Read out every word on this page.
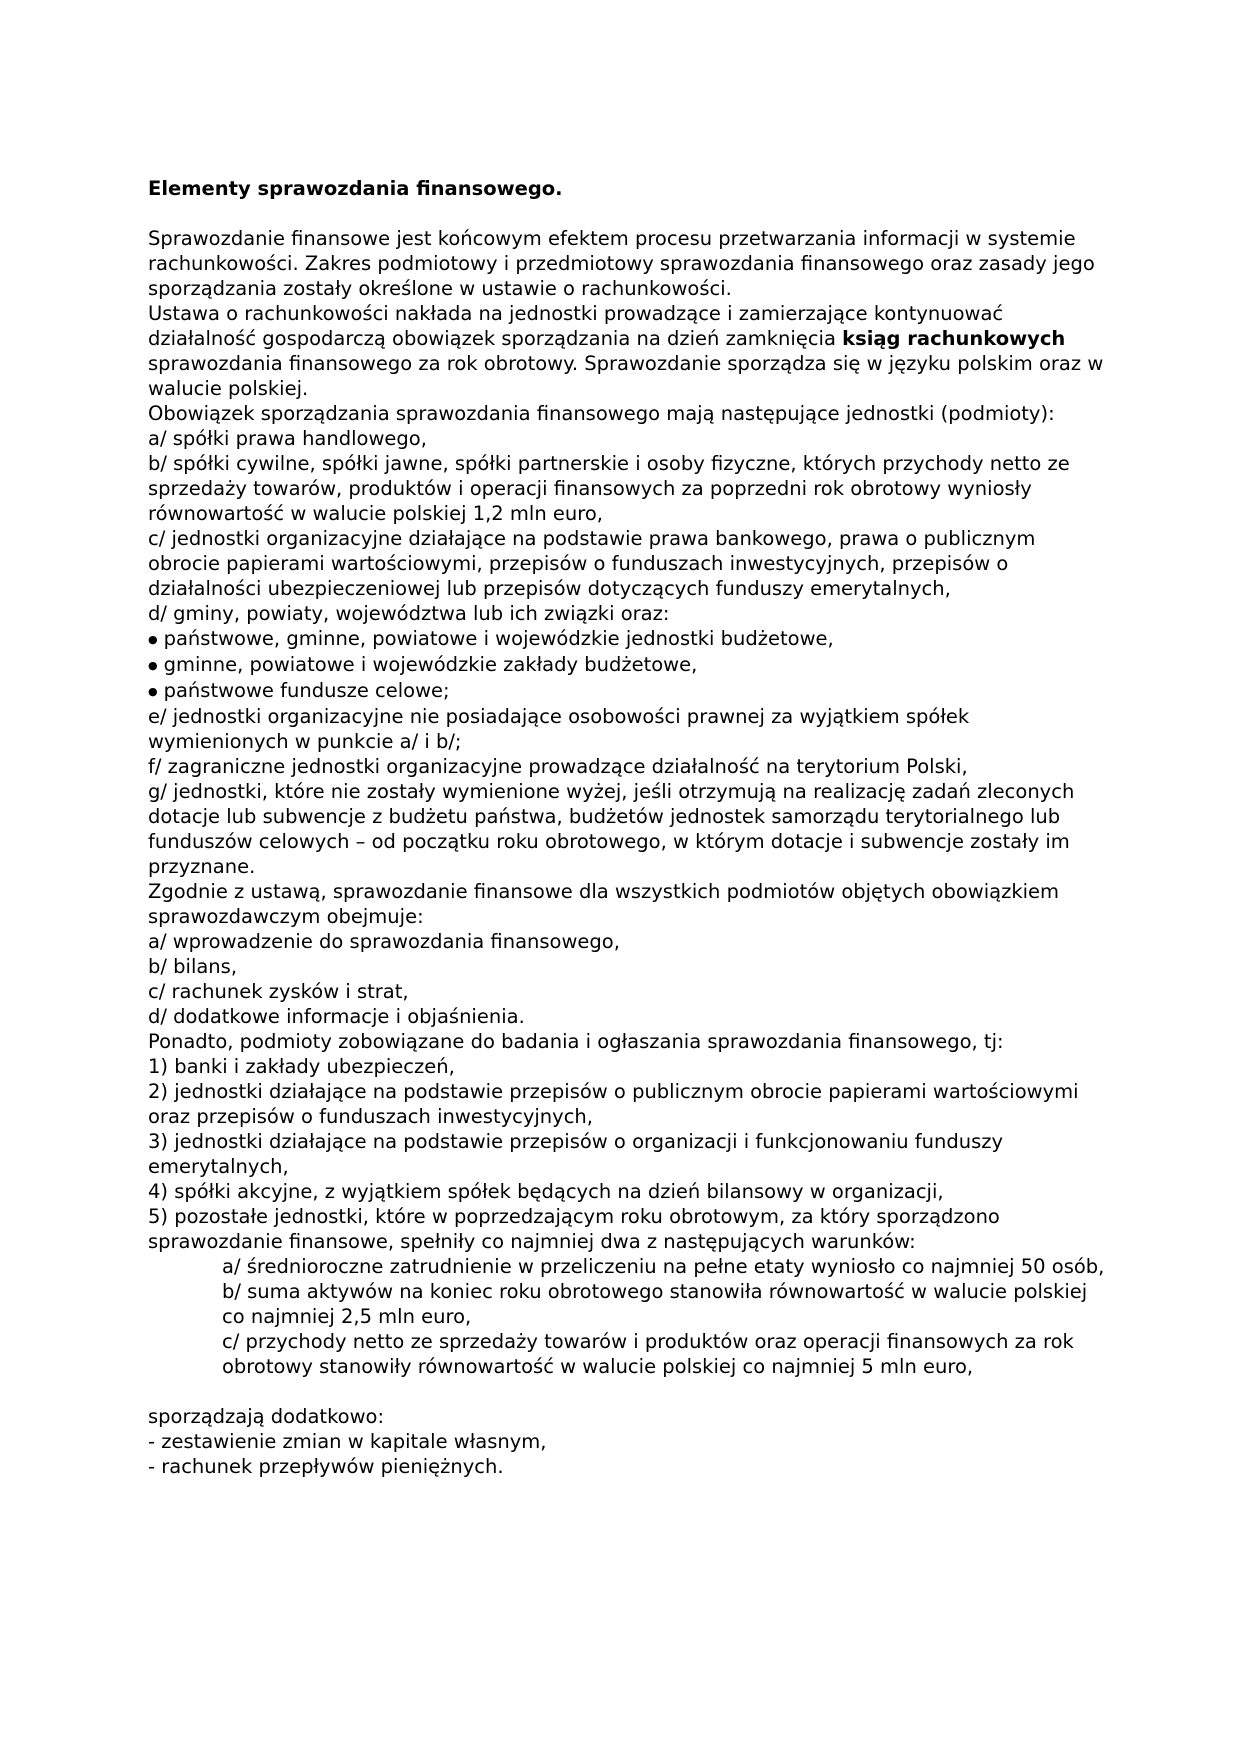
Elementy sprawozdania finansowego.

Sprawozdanie finansowe jest końcowym efektem procesu przetwarzania informacji w systemie rachunkowości. Zakres podmiotowy i przedmiotowy sprawozdania finansowego oraz zasady jego sporządzania zostały określone w ustawie o rachunkowości.

Ustawa o rachunkowości nakłada na jednostki prowadzące i zamierzające kontynuować działalność gospodarczą obowiązek sporządzania na dzień zamknięcia ksiąg rachunkowych sprawozdania finansowego za rok obrotowy. Sprawozdanie sporządza się w języku polskim oraz w walucie polskiej.

Obowiązek sporządzania sprawozdania finansowego mają następujące jednostki (podmioty):

a/ spółki prawa handlowego,

b/ spółki cywilne, spółki jawne, spółki partnerskie i osoby fizyczne, których przychody netto ze sprzedaży towarów, produktów i operacji finansowych za poprzedni rok obrotowy wyniosły równowartość w walucie polskiej 1,2 mln euro,

c/ jednostki organizacyjne działające na podstawie prawa bankowego, prawa o publicznym obrocie papierami wartościowymi, przepisów o funduszach inwestycyjnych, przepisów o działalności ubezpieczeniowej lub przepisów dotyczących funduszy emerytalnych,

d/ gminy, powiaty, województwa lub ich związki oraz:

● państwowe, gminne, powiatowe i wojewódzkie jednostki budżetowe,

● gminne, powiatowe i wojewódzkie zakłady budżetowe,

● państwowe fundusze celowe;

e/ jednostki organizacyjne nie posiadające osobowości prawnej za wyjątkiem spółek wymienionych w punkcie a/ i b/;

f/ zagraniczne jednostki organizacyjne prowadzące działalność na terytorium Polski,

g/ jednostki, które nie zostały wymienione wyżej, jeśli otrzymują na realizację zadań zleconych dotacje lub subwencje z budżetu państwa, budżetów jednostek samorządu terytorialnego lub funduszów celowych – od początku roku obrotowego, w którym dotacje i subwencje zostały im przyznane.

Zgodnie z ustawą, sprawozdanie finansowe dla wszystkich podmiotów objętych obowiązkiem sprawozdawczym obejmuje:

a/ wprowadzenie do sprawozdania finansowego,

b/ bilans,

c/ rachunek zysków i strat,

d/ dodatkowe informacje i objaśnienia.

Ponadto, podmioty zobowiązane do badania i ogłaszania sprawozdania finansowego, tj:

1) banki i zakłady ubezpieczeń,

2) jednostki działające na podstawie przepisów o publicznym obrocie papierami wartościowymi oraz przepisów o funduszach inwestycyjnych,

3) jednostki działające na podstawie przepisów o organizacji i funkcjonowaniu funduszy emerytalnych,

4) spółki akcyjne, z wyjątkiem spółek będących na dzień bilansowy w organizacji,

5) pozostałe jednostki, które w poprzedzającym roku obrotowym, za który sporządzono sprawozdanie finansowe, spełniły co najmniej dwa z następujących warunków:

a/ średnioroczne zatrudnienie w przeliczeniu na pełne etaty wyniosło co najmniej 50 osób,

b/ suma aktywów na koniec roku obrotowego stanowiła równowartość w walucie polskiej co najmniej 2,5 mln euro,

c/ przychody netto ze sprzedaży towarów i produktów oraz operacji finansowych za rok obrotowy stanowiły równowartość w walucie polskiej co najmniej 5 mln euro,

sporządzają dodatkowo:

- zestawienie zmian w kapitale własnym,

- rachunek przepływów pieniężnych.
